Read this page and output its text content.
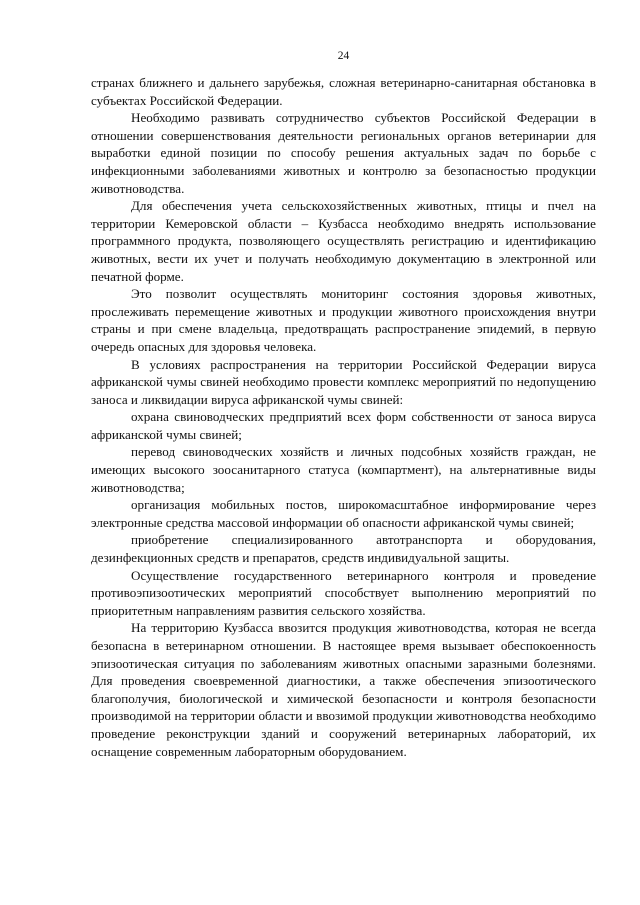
24

странах ближнего и дальнего зарубежья, сложная ветеринарно-санитарная обстановка в субъектах Российской Федерации.

Необходимо развивать сотрудничество субъектов Российской Федерации в отношении совершенствования деятельности региональных органов ветеринарии для выработки единой позиции по способу решения актуальных задач по борьбе с инфекционными заболеваниями животных и контролю за безопасностью продукции животноводства.

Для обеспечения учета сельскохозяйственных животных, птицы и пчел на территории Кемеровской области – Кузбасса необходимо внедрять использование программного продукта, позволяющего осуществлять регистрацию и идентификацию животных, вести их учет и получать необходимую документацию в электронной или печатной форме.

Это позволит осуществлять мониторинг состояния здоровья животных, прослеживать перемещение животных и продукции животного происхождения внутри страны и при смене владельца, предотвращать распространение эпидемий, в первую очередь опасных для здоровья человека.

В условиях распространения на территории Российской Федерации вируса африканской чумы свиней необходимо провести комплекс мероприятий по недопущению заноса и ликвидации вируса африканской чумы свиней:

охрана свиноводческих предприятий всех форм собственности от заноса вируса африканской чумы свиней;

перевод свиноводческих хозяйств и личных подсобных хозяйств граждан, не имеющих высокого зоосанитарного статуса (компартмент), на альтернативные виды животноводства;

организация мобильных постов, широкомасштабное информирование через электронные средства массовой информации об опасности африканской чумы свиней;

приобретение специализированного автотранспорта и оборудования, дезинфекционных средств и препаратов, средств индивидуальной защиты.

Осуществление государственного ветеринарного контроля и проведение противоэпизоотических мероприятий способствует выполнению мероприятий по приоритетным направлениям развития сельского хозяйства.

На территорию Кузбасса ввозится продукция животноводства, которая не всегда безопасна в ветеринарном отношении. В настоящее время вызывает обеспокоенность эпизоотическая ситуация по заболеваниям животных опасными заразными болезнями. Для проведения своевременной диагностики, а также обеспечения эпизоотического благополучия, биологической и химической безопасности и контроля безопасности производимой на территории области и ввозимой продукции животноводства необходимо проведение реконструкции зданий и сооружений ветеринарных лабораторий, их оснащение современным лабораторным оборудованием.
